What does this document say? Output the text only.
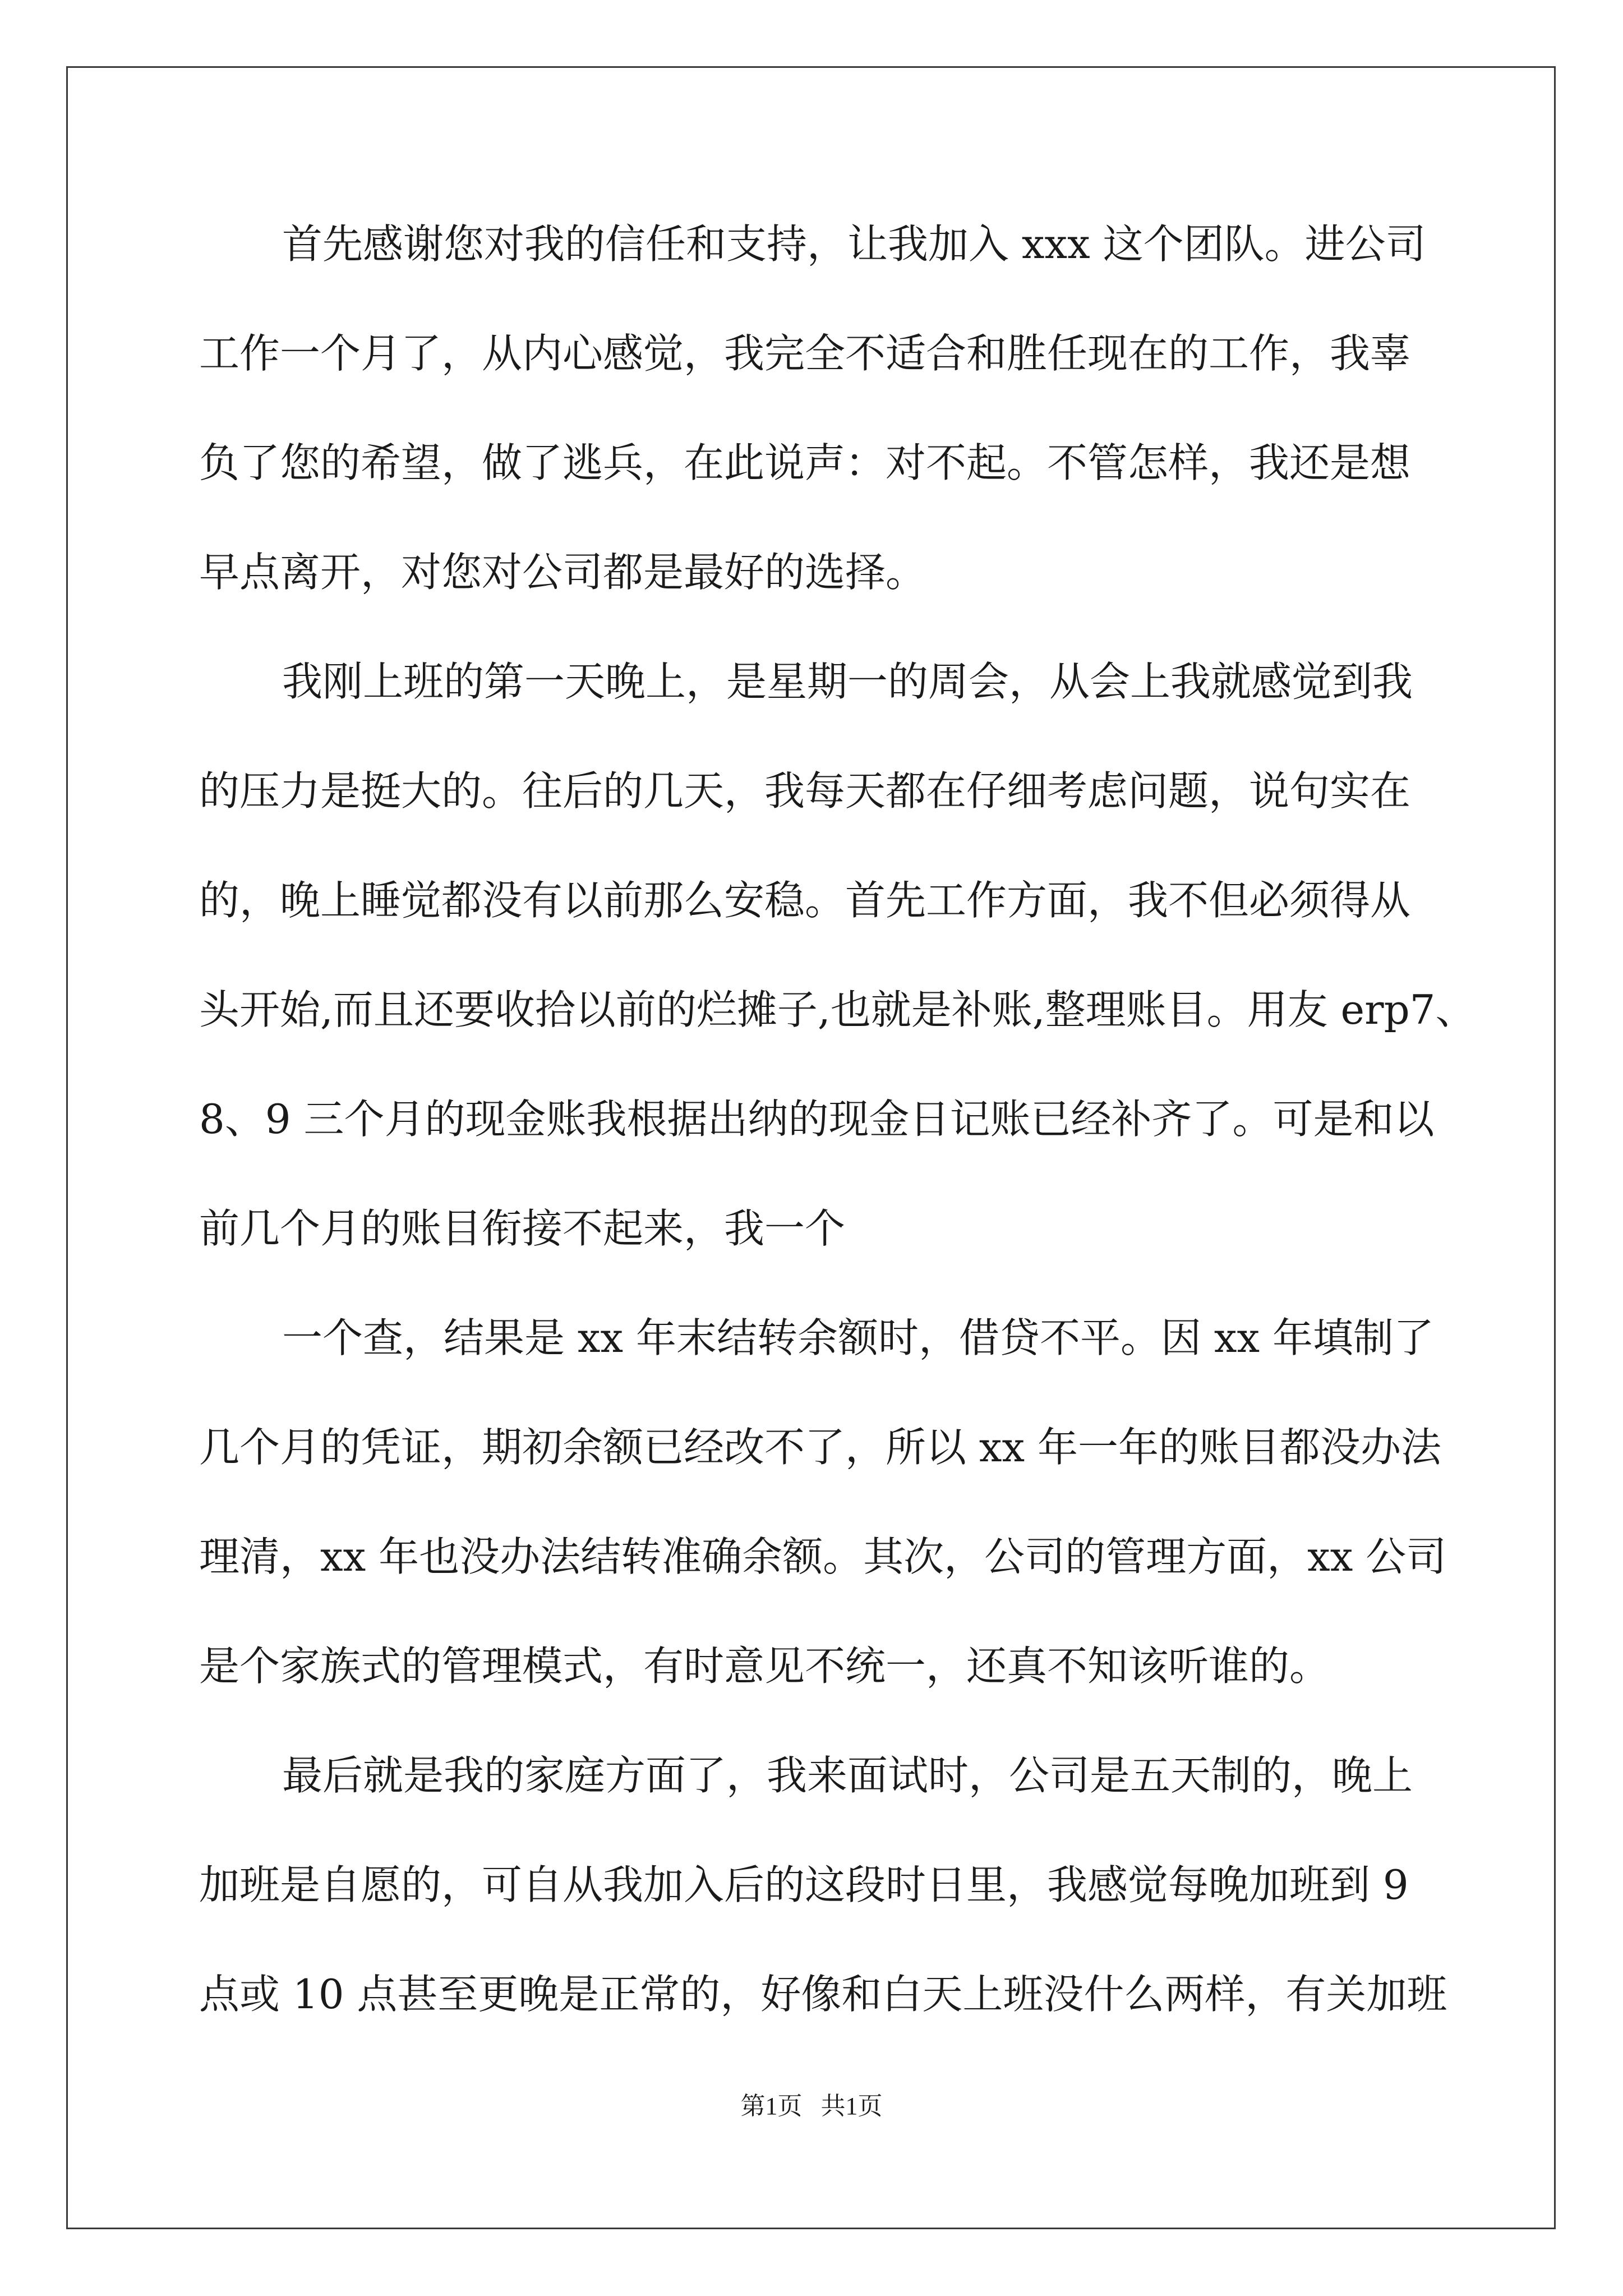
首先感谢您对我的信任和支持，让我加入 xxx 这个团队。进公司
工作一个月了，从内心感觉，我完全不适合和胜任现在的工作，我辜
负了您的希望，做了逃兵，在此说声：对不起。不管怎样，我还是想
早点离开，对您对公司都是最好的选择。
我刚上班的第一天晚上，是星期一的周会，从会上我就感觉到我
的压力是挺大的。往后的几天，我每天都在仔细考虑问题，说句实在
的，晚上睡觉都没有以前那么安稳。首先工作方面，我不但必须得从
头开始,而且还要收拾以前的烂摊子,也就是补账,整理账目。用友 erp7、
8、9 三个月的现金账我根据出纳的现金日记账已经补齐了。可是和以
前几个月的账目衔接不起来，我一个
一个查，结果是 xx 年末结转余额时，借贷不平。因 xx 年填制了
几个月的凭证，期初余额已经改不了，所以 xx 年一年的账目都没办法
理清，xx 年也没办法结转准确余额。其次，公司的管理方面，xx 公司
是个家族式的管理模式，有时意见不统一，还真不知该听谁的。
最后就是我的家庭方面了，我来面试时，公司是五天制的，晚上
加班是自愿的，可自从我加入后的这段时日里，我感觉每晚加班到 9
点或 10 点甚至更晚是正常的，好像和白天上班没什么两样，有关加班
第1页   共1页
